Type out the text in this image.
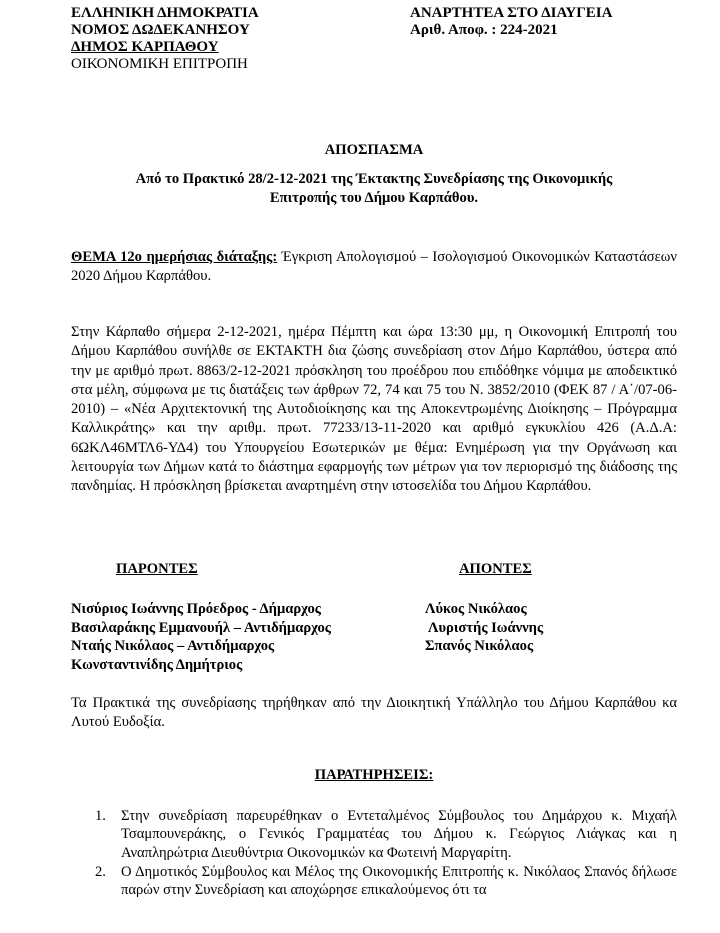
ΕΛΛΗΝΙΚΗ ΔΗΜΟΚΡΑΤΙΑ
ΝΟΜΟΣ ΔΩΔΕΚΑΝΗΣΟΥ
ΔΗΜΟΣ ΚΑΡΠΑΘΟΥ
ΟΙΚΟΝΟΜΙΚΗ ΕΠΙΤΡΟΠΗ
ΑΝΑΡΤΗΤΕΑ ΣΤΟ ΔΙΑΥΓΕΙΑ
Αριθ. Αποφ. : 224-2021
ΑΠΟΣΠΑΣΜΑ
Από το Πρακτικό 28/2-12-2021 της Έκτακτης Συνεδρίασης της Οικονομικής
Επιτροπής του Δήμου Καρπάθου.
ΘΕΜΑ 12ο ημερήσιας διάταξης: Έγκριση Απολογισμού – Ισολογισμού Οικονομικών Καταστάσεων 2020 Δήμου Καρπάθου.
Στην Κάρπαθο σήμερα 2-12-2021, ημέρα Πέμπτη και ώρα 13:30 μμ, η Οικονομική Επιτροπή του Δήμου Καρπάθου συνήλθε σε ΕΚΤΑΚΤΗ δια ζώσης συνεδρίαση στον Δήμο Καρπάθου, ύστερα από την με αριθμό πρωτ. 8863/2-12-2021 πρόσκληση του προέδρου που επιδόθηκε νόμιμα με αποδεικτικό στα μέλη, σύμφωνα με τις διατάξεις των άρθρων 72, 74 και 75 του Ν. 3852/2010 (ΦΕΚ 87 / Α΄/07-06-2010) – «Νέα Αρχιτεκτονική της Αυτοδιοίκησης και της Αποκεντρωμένης Διοίκησης – Πρόγραμμα Καλλικράτης» και την αριθμ. πρωτ. 77233/13-11-2020 και αριθμό εγκυκλίου 426 (Α.Δ.Α: 6ΩΚΛ46ΜΤΛ6-ΥΔ4) του Υπουργείου Εσωτερικών με θέμα: Ενημέρωση για την Οργάνωση και λειτουργία των Δήμων κατά το διάστημα εφαρμογής των μέτρων για τον περιορισμό της διάδοσης της πανδημίας. Η πρόσκληση βρίσκεται αναρτημένη στην ιστοσελίδα του Δήμου Καρπάθου.
ΠΑΡΟΝΤΕΣ	ΑΠΟΝΤΕΣ
Νισύριος Ιωάννης Πρόεδρος - Δήμαρχος
Βασιλαράκης Εμμανουήλ – Αντιδήμαρχος
Νταής Νικόλαος – Αντιδήμαρχος
Κωνσταντινίδης Δημήτριος
Λύκος Νικόλαος
Λυριστής Ιωάννης
Σπανός Νικόλαος
Τα Πρακτικά της συνεδρίασης τηρήθηκαν από την Διοικητική Υπάλληλο του Δήμου Καρπάθου κα Λυτού Ευδοξία.
ΠΑΡΑΤΗΡΗΣΕΙΣ:
1. Στην συνεδρίαση παρευρέθηκαν ο Εντεταλμένος Σύμβουλος του Δημάρχου κ. Μιχαήλ Τσαμπουνεράκης, ο Γενικός Γραμματέας του Δήμου κ. Γεώργιος Λιάγκας και η Αναπληρώτρια Διευθύντρια Οικονομικών κα Φωτεινή Μαργαρίτη.
2. Ο Δημοτικός Σύμβουλος και Μέλος της Οικονομικής Επιτροπής κ. Νικόλαος Σπανός δήλωσε παρών στην Συνεδρίαση και αποχώρησε επικαλούμενος ότι τα
